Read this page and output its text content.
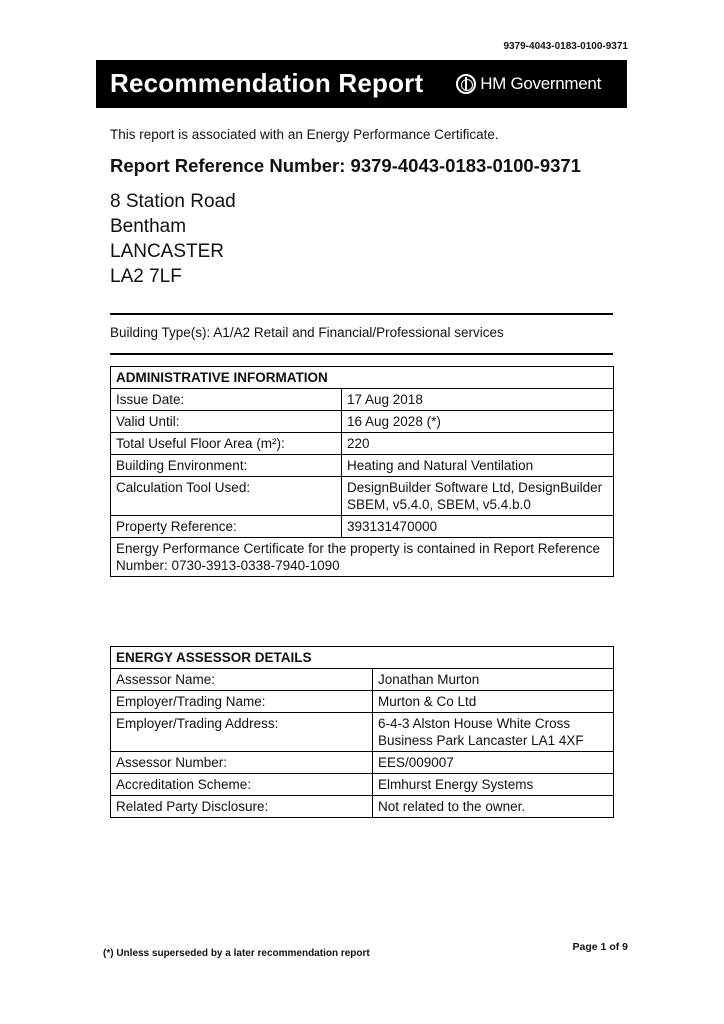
9379-4043-0183-0100-9371
Recommendation Report	HM Government
This report is associated with an Energy Performance Certificate.
Report Reference Number: 9379-4043-0183-0100-9371
8 Station Road
Bentham
LANCASTER
LA2 7LF
Building Type(s): A1/A2 Retail and Financial/Professional services
ADMINISTRATIVE INFORMATION	
Issue Date:	17 Aug 2018
Valid Until:	16 Aug 2028 (*)
Total Useful Floor Area (m²):	220
Building Environment:	Heating and Natural Ventilation
Calculation Tool Used:	DesignBuilder Software Ltd, DesignBuilder SBEM, v5.4.0, SBEM, v5.4.b.0
Property Reference:	393131470000
Energy Performance Certificate for the property is contained in Report Reference Number: 0730-3913-0338-7940-1090	
ENERGY ASSESSOR DETAILS	
Assessor Name:	Jonathan Murton
Employer/Trading Name:	Murton & Co Ltd
Employer/Trading Address:	6-4-3 Alston House White Cross Business Park Lancaster LA1 4XF
Assessor Number:	EES/009007
Accreditation Scheme:	Elmhurst Energy Systems
Related Party Disclosure:	Not related to the owner.
(*) Unless superseded by a later recommendation report
Page 1 of 9
